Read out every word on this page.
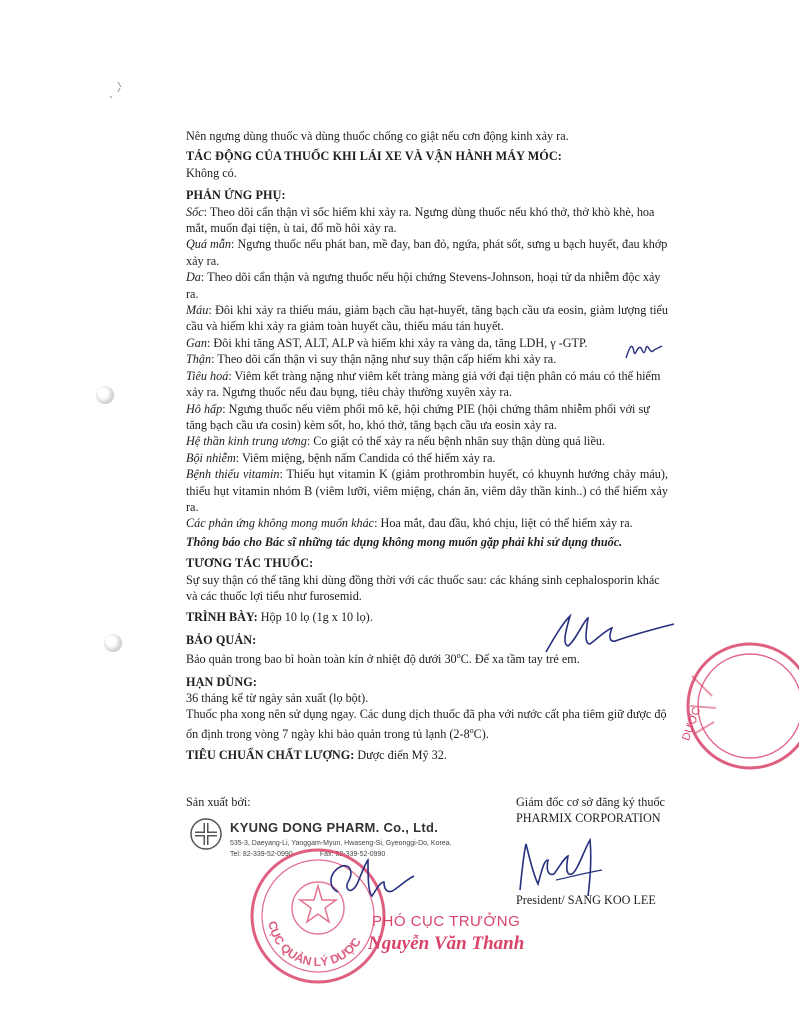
Nên ngưng dùng thuốc và dùng thuốc chống co giật nếu cơn động kinh xảy ra.

TÁC ĐỘNG CỦA THUỐC KHI LÁI XE VÀ VẬN HÀNH MÁY MÓC:

Không có.

PHẢN ỨNG PHỤ:

Sốc: Theo dõi cẩn thận vì sốc hiếm khi xảy ra. Ngưng dùng thuốc nếu khó thở, thở khò khè, hoa mắt, muốn đại tiện, ù tai, đổ mồ hôi xảy ra.

Quá mẫn: Ngưng thuốc nếu phát ban, mề đay, ban đỏ, ngứa, phát sốt, sưng u bạch huyết, đau khớp xảy ra.

Da: Theo dõi cẩn thận và ngưng thuốc nếu hội chứng Stevens-Johnson, hoại tử da nhiễm độc xảy ra.

Máu: Đôi khi xảy ra thiếu máu, giảm bạch cầu hạt-huyết, tăng bạch cầu ưa eosin, giảm lượng tiểu cầu và hiếm khi xảy ra giảm toàn huyết cầu, thiếu máu tán huyết.

Gan: Đôi khi tăng AST, ALT, ALP và hiếm khi xảy ra vàng da, tăng LDH, γ -GTP.

Thận: Theo dõi cẩn thận vì suy thận nặng như suy thận cấp hiếm khi xảy ra.

Tiêu hoá: Viêm kết tràng nặng như viêm kết tràng màng giả với đại tiện phân có máu có thể hiếm xảy ra. Ngưng thuốc nếu đau bụng, tiêu chảy thường xuyên xảy ra.

Hô hấp: Ngưng thuốc nếu viêm phổi mô kẽ, hội chứng PIE (hội chứng thâm nhiễm phổi với sự tăng bạch cầu ưa cosin) kèm sốt, ho, khó thở, tăng bạch cầu ưa eosin xảy ra.

Hệ thần kinh trung ương: Co giật có thể xảy ra nếu bệnh nhân suy thận dùng quá liều.

Bội nhiễm: Viêm miệng, bệnh nấm Candida có thể hiếm xảy ra.

Bệnh thiếu vitamin: Thiếu hụt vitamin K (giảm prothrombin huyết, có khuynh hướng chảy máu), thiếu hụt vitamin nhóm B (viêm lưỡi, viêm miệng, chán ăn, viêm dây thần kinh..) có thể hiếm xảy ra.

Các phản ứng không mong muốn khác: Hoa mắt, đau đầu, khó chịu, liệt có thể hiếm xảy ra.

Thông báo cho Bác sĩ những tác dụng không mong muốn gặp phải khi sử dụng thuốc.

TƯƠNG TÁC THUỐC:

Sự suy thận có thể tăng khi dùng đồng thời với các thuốc sau: các kháng sinh cephalosporin khác và các thuốc lợi tiểu như furosemid.

TRÌNH BÀY: Hộp 10 lọ (1g x 10 lọ).

BẢO QUẢN:

Bảo quản trong bao bì hoàn toàn kín ở nhiệt độ dưới 30$^o$C. Để xa tầm tay trẻ em.

HẠN DÙNG:

36 tháng kể từ ngày sản xuất (lọ bột).

Thuốc pha xong nên sử dụng ngay. Các dung dịch thuốc đã pha với nước cất pha tiêm giữ được độ ổn định trong vòng 7 ngày khi bảo quản trong tủ lạnh (2-8$^o$C).

TIÊU CHUẨN CHẤT LƯỢNG: Dược điển Mỹ 32.

DƯỢC
Sản xuất bởi:
KYUNG DONG PHARM. Co., Ltd.
535-3, Daeyang-Li, Yanggam-Myun, Hwaseng-Si, Gyeonggi-Do, Korea.
Tel: 82-339-52-0990	Fax: 82-339-52-0990
Giám đốc cơ sở đăng ký thuốc
PHARMIX CORPORATION
President/ SANG KOO LEE
CỤC QUẢN LÝ DƯỢC
PHÓ CỤC TRƯỞNG
Nguyễn Văn Thanh
